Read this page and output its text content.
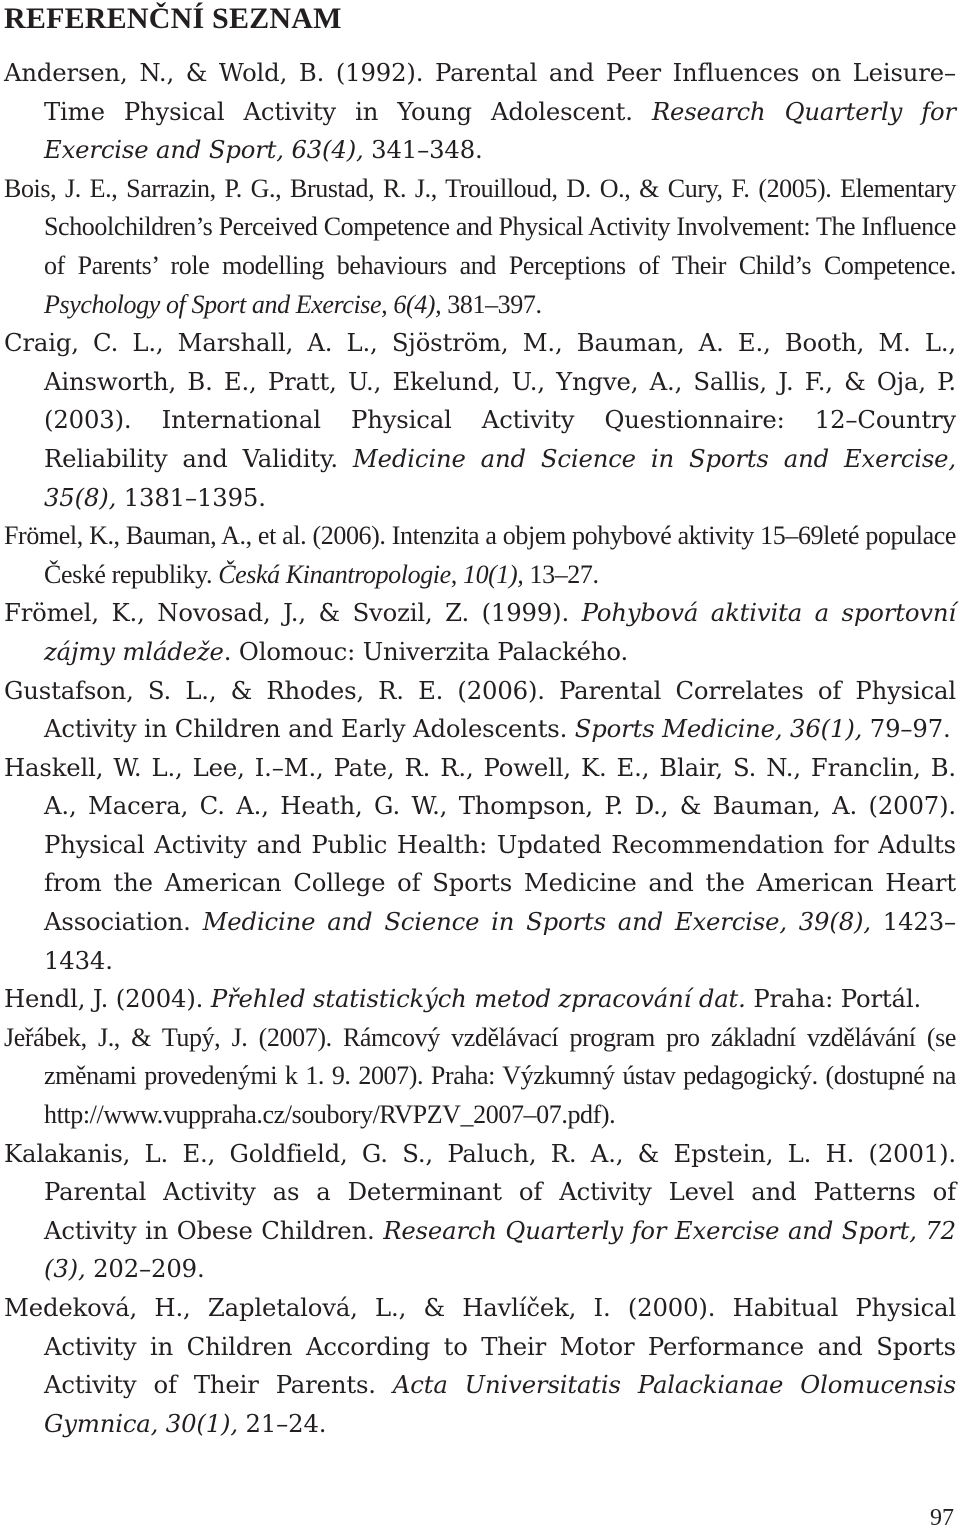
REFERENČNÍ SEZNAM
Andersen, N., & Wold, B. (1992). Parental and Peer Influences on Leisure–Time Physical Activity in Young Adolescent. Research Quarterly for Exercise and Sport, 63(4), 341–348.
Bois, J. E., Sarrazin, P. G., Brustad, R. J., Trouilloud, D. O., & Cury, F. (2005). Elementary Schoolchildren’s Perceived Competence and Physical Activity Involvement: The Influence of Parents’ role modelling behaviours and Perceptions of Their Child’s Competence. Psychology of Sport and Exercise, 6(4), 381–397.
Craig, C. L., Marshall, A. L., Sjöström, M., Bauman, A. E., Booth, M. L., Ainsworth, B. E., Pratt, U., Ekelund, U., Yngve, A., Sallis, J. F., & Oja, P. (2003). International Physical Activity Questionnaire: 12–Country Reliability and Validity. Medicine and Science in Sports and Exercise, 35(8), 1381–1395.
Frömel, K., Bauman, A., et al. (2006). Intenzita a objem pohybové aktivity 15–69leté populace České republiky. Česká Kinantropologie, 10(1), 13–27.
Frömel, K., Novosad, J., & Svozil, Z. (1999). Pohybová aktivita a sportovní zájmy mládeže. Olomouc: Univerzita Palackého.
Gustafson, S. L., & Rhodes, R. E. (2006). Parental Correlates of Physical Activity in Children and Early Adolescents. Sports Medicine, 36(1), 79–97.
Haskell, W. L., Lee, I.–M., Pate, R. R., Powell, K. E., Blair, S. N., Franclin, B. A., Macera, C. A., Heath, G. W., Thompson, P. D., & Bauman, A. (2007). Physical Activity and Public Health: Updated Recommendation for Adults from the American College of Sports Medicine and the American Heart Association. Medicine and Science in Sports and Exercise, 39(8), 1423–1434.
Hendl, J. (2004). Přehled statistických metod zpracování dat. Praha: Portál.
Jeřábek, J., & Tupý, J. (2007). Rámcový vzdělávací program pro základní vzdělávání (se změnami provedenými k 1. 9. 2007). Praha: Výzkumný ústav pedagogický. (dostupné na http://www.vuppraha.cz/soubory/RVPZV_2007–07.pdf).
Kalakanis, L. E., Goldfield, G. S., Paluch, R. A., & Epstein, L. H. (2001). Parental Activity as a Determinant of Activity Level and Patterns of Activity in Obese Children. Research Quarterly for Exercise and Sport, 72 (3), 202–209.
Medeková, H., Zapletalová, L., & Havlíček, I. (2000). Habitual Physical Activity in Children According to Their Motor Performance and Sports Activity of Their Parents. Acta Universitatis Palackianae Olomucensis Gymnica, 30(1), 21–24.
97
